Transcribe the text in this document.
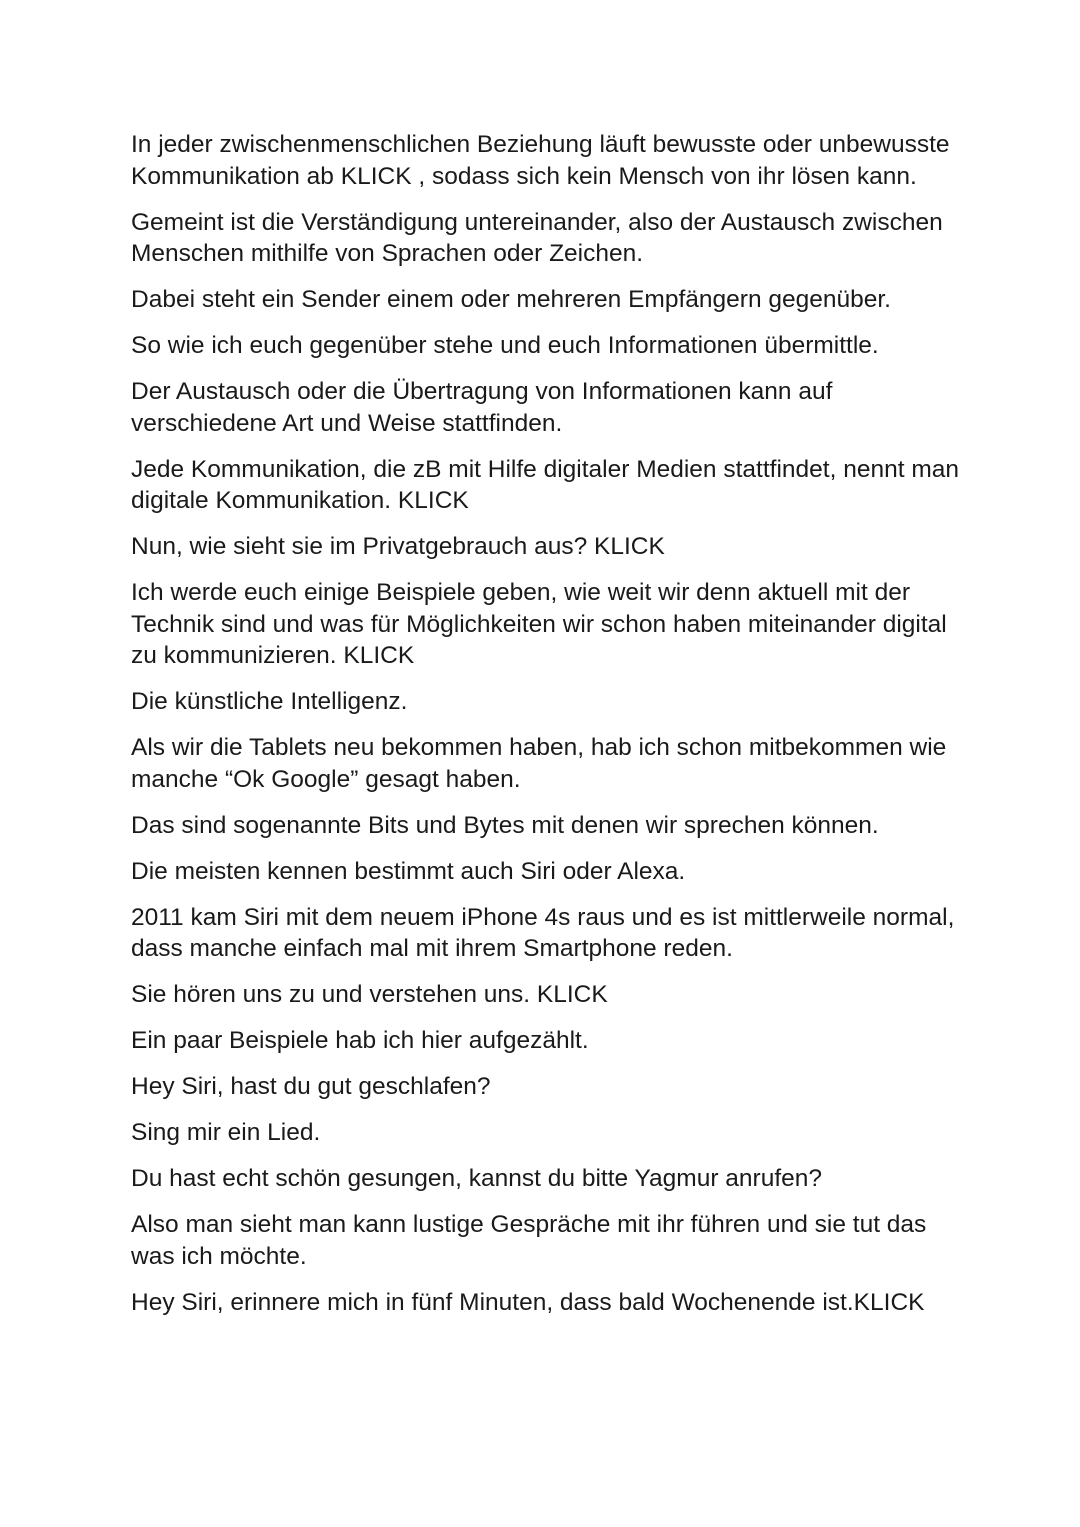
In jeder zwischenmenschlichen Beziehung läuft bewusste oder unbewusste Kommunikation ab KLICK , sodass sich kein Mensch von ihr lösen kann.

Gemeint ist die Verständigung untereinander, also der Austausch zwischen Menschen mithilfe von Sprachen oder Zeichen.

Dabei steht ein Sender einem oder mehreren Empfängern gegenüber.

So wie ich euch gegenüber stehe und euch Informationen übermittle.

Der Austausch oder die Übertragung von Informationen kann auf verschiedene Art und Weise stattfinden.

Jede Kommunikation, die zB mit Hilfe digitaler Medien stattfindet, nennt man digitale Kommunikation. KLICK

Nun, wie sieht sie im Privatgebrauch aus? KLICK

Ich werde euch einige Beispiele geben, wie weit wir denn aktuell mit der Technik sind und was für Möglichkeiten wir schon haben miteinander digital zu kommunizieren. KLICK

Die künstliche Intelligenz.

Als wir die Tablets neu bekommen haben, hab ich schon mitbekommen wie manche “Ok Google” gesagt haben.

Das sind sogenannte Bits und Bytes mit denen wir sprechen können.

Die meisten kennen bestimmt auch Siri oder Alexa.

2011 kam Siri mit dem neuem iPhone 4s raus und es ist mittlerweile normal, dass manche einfach mal mit ihrem Smartphone reden.

Sie hören uns zu und verstehen uns. KLICK

Ein paar Beispiele hab ich hier aufgezählt.

Hey Siri, hast du gut geschlafen?

Sing mir ein Lied.

Du hast echt schön gesungen, kannst du bitte Yagmur anrufen?

Also man sieht man kann lustige Gespräche mit ihr führen und sie tut das was ich möchte.

Hey Siri, erinnere mich in fünf Minuten, dass bald Wochenende ist.KLICK
